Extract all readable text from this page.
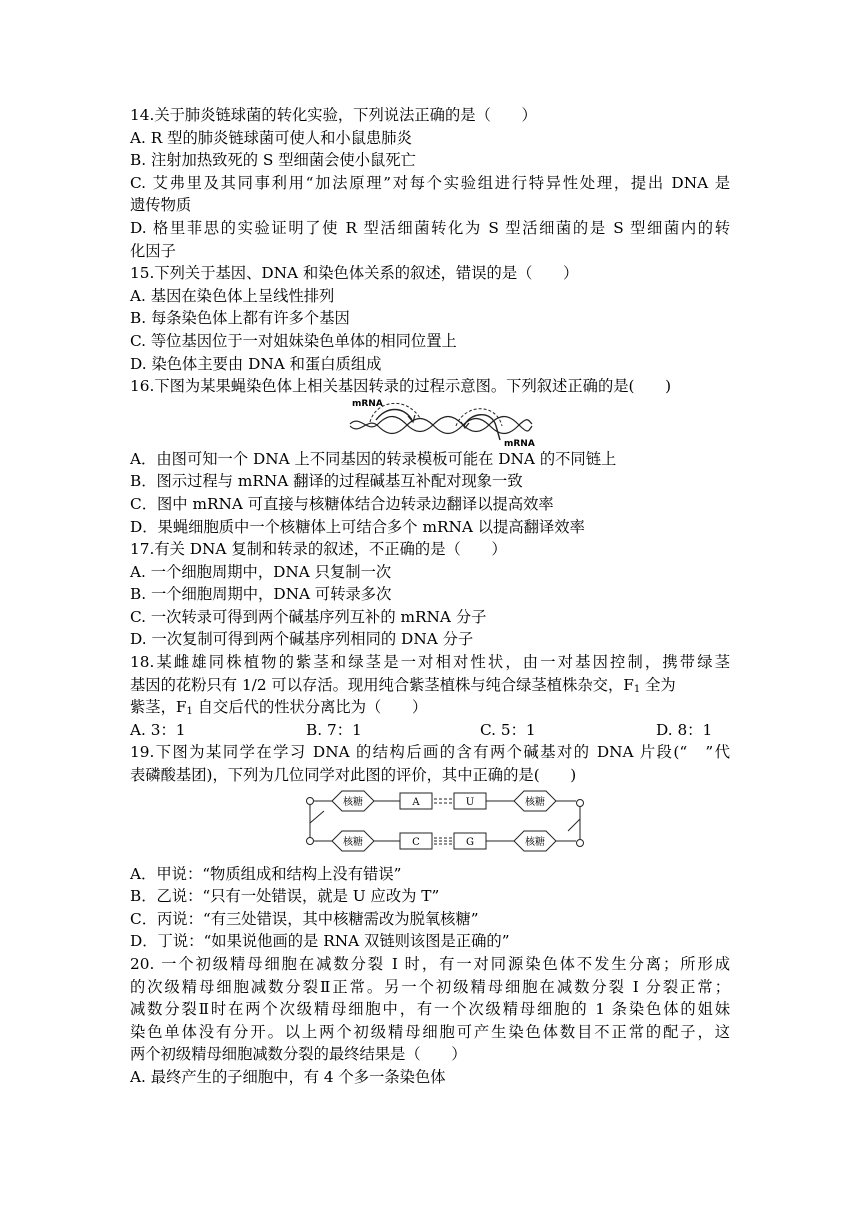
14.关于肺炎链球菌的转化实验，下列说法正确的是（　　）
A. R 型的肺炎链球菌可使人和小鼠患肺炎
B. 注射加热致死的 S 型细菌会使小鼠死亡
C. 艾弗里及其同事利用“加法原理”对每个实验组进行特异性处理，提出 DNA 是
遗传物质
D. 格里菲思的实验证明了使 R 型活细菌转化为 S 型活细菌的是 S 型细菌内的转
化因子
15.下列关于基因、DNA 和染色体关系的叙述，错误的是（　　）
A. 基因在染色体上呈线性排列
B. 每条染色体上都有许多个基因
C. 等位基因位于一对姐妹染色单体的相同位置上
D. 染色体主要由 DNA 和蛋白质组成
16.下图为某果蝇染色体上相关基因转录的过程示意图。下列叙述正确的是(　　)
mRNA
mRNA
A．由图可知一个 DNA 上不同基因的转录模板可能在 DNA 的不同链上
B．图示过程与 mRNA 翻译的过程碱基互补配对现象一致
C．图中 mRNA 可直接与核糖体结合边转录边翻译以提高效率
D．果蝇细胞质中一个核糖体上可结合多个 mRNA 以提高翻译效率
17.有关 DNA 复制和转录的叙述，不正确的是（　　）
A. 一个细胞周期中，DNA 只复制一次
B. 一个细胞周期中，DNA 可转录多次
C. 一次转录可得到两个碱基序列互补的 mRNA 分子
D. 一次复制可得到两个碱基序列相同的 DNA 分子
18.某雌雄同株植物的紫茎和绿茎是一对相对性状，由一对基因控制，携带绿茎
基因的花粉只有 1/2 可以存活。现用纯合紫茎植株与纯合绿茎植株杂交，$F_1$ 全为
紫茎，$F_1$ 自交后代的性状分离比为（　　）
A. 3：1	B. 7：1	C. 5：1	D. 8：1
19.下图为某同学在学习 DNA 的结构后画的含有两个碱基对的 DNA 片段(“　”代
表磷酸基团)，下列为几位同学对此图的评价，其中正确的是(　　)
核糖
核糖
核糖
核糖
A	U
C	G
A．甲说：“物质组成和结构上没有错误”
B．乙说：“只有一处错误，就是 U 应改为 T”
C．丙说：“有三处错误，其中核糖需改为脱氧核糖”
D．丁说：“如果说他画的是 RNA 双链则该图是正确的”
20. 一个初级精母细胞在减数分裂 I 时，有一对同源染色体不发生分离；所形成
的次级精母细胞减数分裂Ⅱ正常。另一个初级精母细胞在减数分裂 I 分裂正常；
减数分裂Ⅱ时在两个次级精母细胞中，有一个次级精母细胞的 1 条染色体的姐妹
染色单体没有分开。以上两个初级精母细胞可产生染色体数目不正常的配子，这
两个初级精母细胞减数分裂的最终结果是（　　）
A. 最终产生的子细胞中，有 4 个多一条染色体
